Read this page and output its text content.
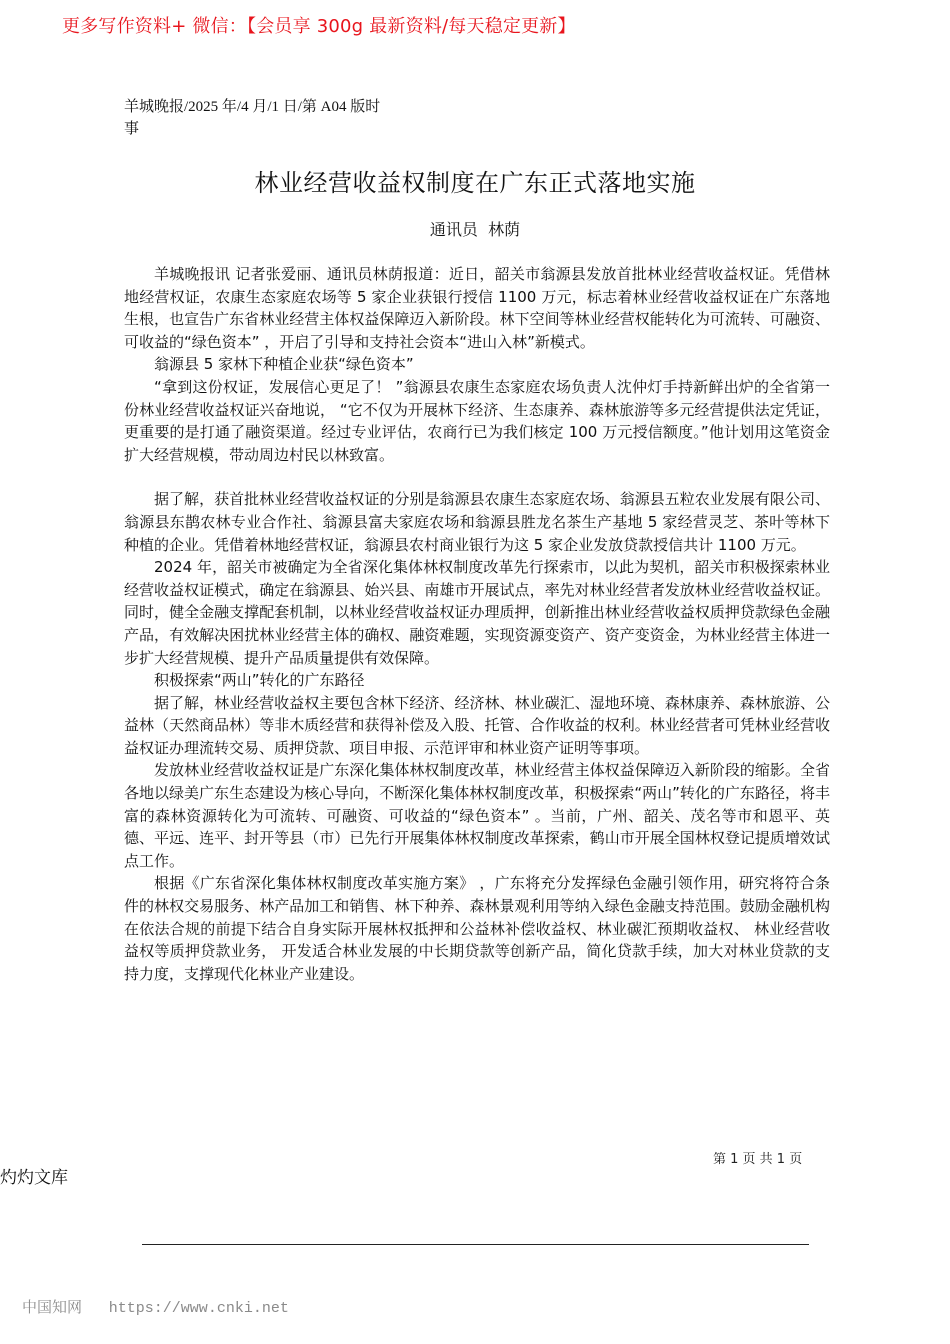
更多写作资料+ 微信：【会员享 300g 最新资料/每天稳定更新】
羊城晚报/2025 年/4 月/1 日/第 A04 版时事
林业经营收益权制度在广东正式落地实施
通讯员  林荫

羊城晚报讯 记者张爱丽、通讯员林荫报道：近日，韶关市翁源县发放首批林业经营收益权证。凭借林地经营权证，农康生态家庭农场等 5 家企业获银行授信 1100 万元，标志着林业经营收益权证在广东落地生根，也宣告广东省林业经营主体权益保障迈入新阶段。林下空间等林业经营权能转化为可流转、可融资、可收益的“绿色资本” ，开启了引导和支持社会资本“进山入林”新模式。

翁源县 5 家林下种植企业获“绿色资本”

“拿到这份权证，发展信心更足了！ ”翁源县农康生态家庭农场负责人沈仲灯手持新鲜出炉的全省第一份林业经营收益权证兴奋地说， “它不仅为开展林下经济、生态康养、森林旅游等多元经营提供法定凭证，更重要的是打通了融资渠道。经过专业评估，农商行已为我们核定 100 万元授信额度。”他计划用这笔资金扩大经营规模，带动周边村民以林致富。

据了解，获首批林业经营收益权证的分别是翁源县农康生态家庭农场、翁源县五粒农业发展有限公司、翁源县东鹊农林专业合作社、翁源县富夫家庭农场和翁源县胜龙名茶生产基地 5 家经营灵芝、茶叶等林下种植的企业。凭借着林地经营权证，翁源县农村商业银行为这 5 家企业发放贷款授信共计 1100 万元。

2024 年，韶关市被确定为全省深化集体林权制度改革先行探索市，以此为契机，韶关市积极探索林业经营收益权证模式，确定在翁源县、始兴县、南雄市开展试点，率先对林业经营者发放林业经营收益权证。同时，健全金融支撑配套机制，以林业经营收益权证办理质押，创新推出林业经营收益权质押贷款绿色金融产品，有效解决困扰林业经营主体的确权、融资难题，实现资源变资产、资产变资金，为林业经营主体进一步扩大经营规模、提升产品质量提供有效保障。

积极探索“两山”转化的广东路径

据了解，林业经营收益权主要包含林下经济、经济林、林业碳汇、湿地环境、森林康养、森林旅游、公益林（天然商品林）等非木质经营和获得补偿及入股、托管、合作收益的权利。林业经营者可凭林业经营收益权证办理流转交易、质押贷款、项目申报、示范评审和林业资产证明等事项。

发放林业经营收益权证是广东深化集体林权制度改革，林业经营主体权益保障迈入新阶段的缩影。全省各地以绿美广东生态建设为核心导向，不断深化集体林权制度改革，积极探索“两山”转化的广东路径，将丰富的森林资源转化为可流转、可融资、可收益的“绿色资本” 。当前，广州、韶关、茂名等市和恩平、英德、平远、连平、封开等县（市）已先行开展集体林权制度改革探索，鹤山市开展全国林权登记提质增效试点工作。

根据《广东省深化集体林权制度改革实施方案》 ，广东将充分发挥绿色金融引领作用，研究将符合条件的林权交易服务、林产品加工和销售、林下种养、森林景观利用等纳入绿色金融支持范围。鼓励金融机构在依法合规的前提下结合自身实际开展林权抵押和公益林补偿收益权、林业碳汇预期收益权、 林业经营收益权等质押贷款业务， 开发适合林业发展的中长期贷款等创新产品，简化贷款手续，加大对林业贷款的支持力度，支撑现代化林业产业建设。

第 1 页 共 1 页
灼灼文库
中国知网 https://www.cnki.net
